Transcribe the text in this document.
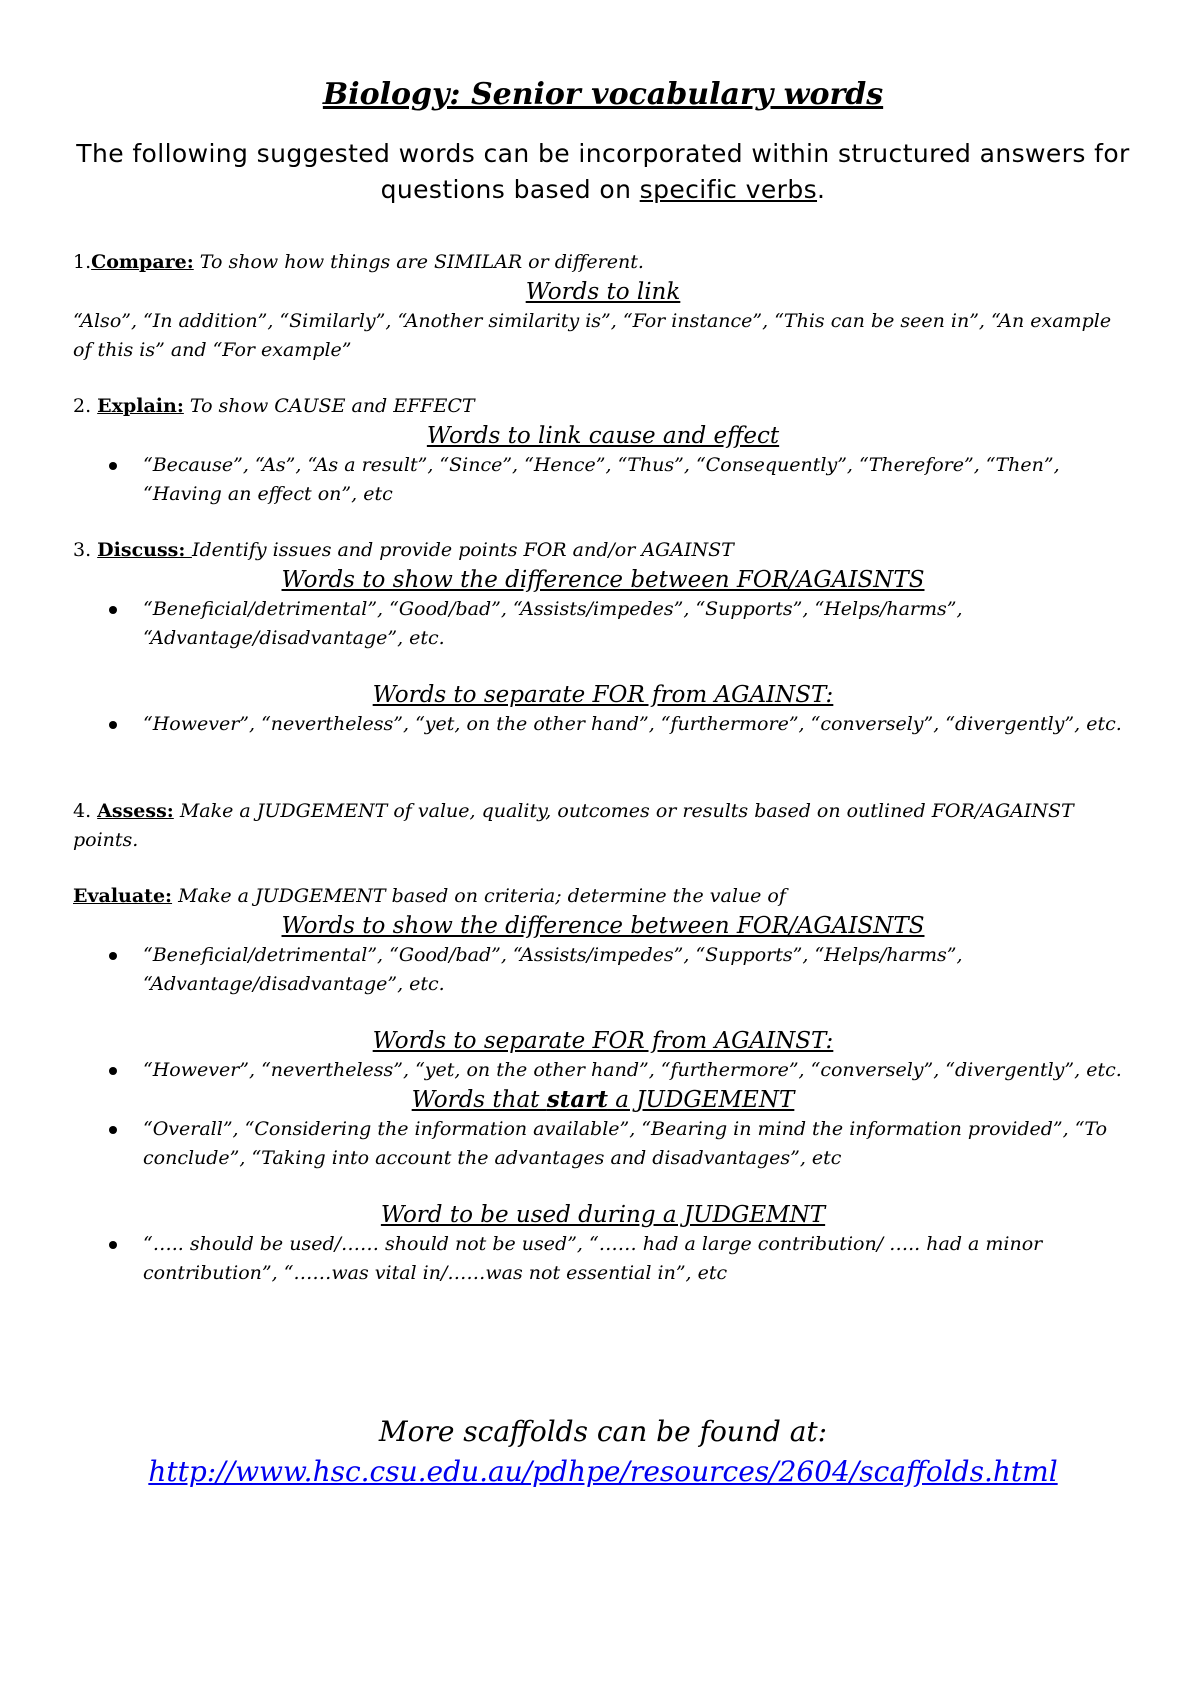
Biology: Senior vocabulary words
The following suggested words can be incorporated within structured answers for questions based on specific verbs.
1.Compare: To show how things are SIMILAR or different.
Words to link
“Also”, “In addition”, “Similarly”, “Another similarity is”, “For instance”, “This can be seen in”, “An example of this is” and “For example”
2. Explain: To show CAUSE and EFFECT
Words to link cause and effect
“Because”, “As”, “As a result”, “Since”, “Hence”, “Thus”, “Consequently”, “Therefore”, “Then”, “Having an effect on”, etc
3. Discuss: Identify issues and provide points FOR and/or AGAINST
Words to show the difference between FOR/AGAISNTS
“Beneficial/detrimental”, “Good/bad”, “Assists/impedes”, “Supports”, “Helps/harms”, “Advantage/disadvantage”, etc.
Words to separate FOR from AGAINST:
“However”, “nevertheless”, “yet, on the other hand”, “furthermore”, “conversely”, “divergently”, etc.
4. Assess: Make a JUDGEMENT of value, quality, outcomes or results based on outlined FOR/AGAINST points.
Evaluate: Make a JUDGEMENT based on criteria; determine the value of
Words to show the difference between FOR/AGAISNTS
“Beneficial/detrimental”, “Good/bad”, “Assists/impedes”, “Supports”, “Helps/harms”, “Advantage/disadvantage”, etc.
Words to separate FOR from AGAINST:
“However”, “nevertheless”, “yet, on the other hand”, “furthermore”, “conversely”, “divergently”, etc.
Words that start a JUDGEMENT
“Overall”, “Considering the information available”, “Bearing in mind the information provided”, “To conclude”, “Taking into account the advantages and disadvantages”, etc
Word to be used during a JUDGEMNT
“….. should be used/…… should not be used”, “…… had a large contribution/ ….. had a minor contribution”, “……was vital in/……was not essential in”, etc
More scaffolds can be found at:
http://www.hsc.csu.edu.au/pdhpe/resources/2604/scaffolds.html
